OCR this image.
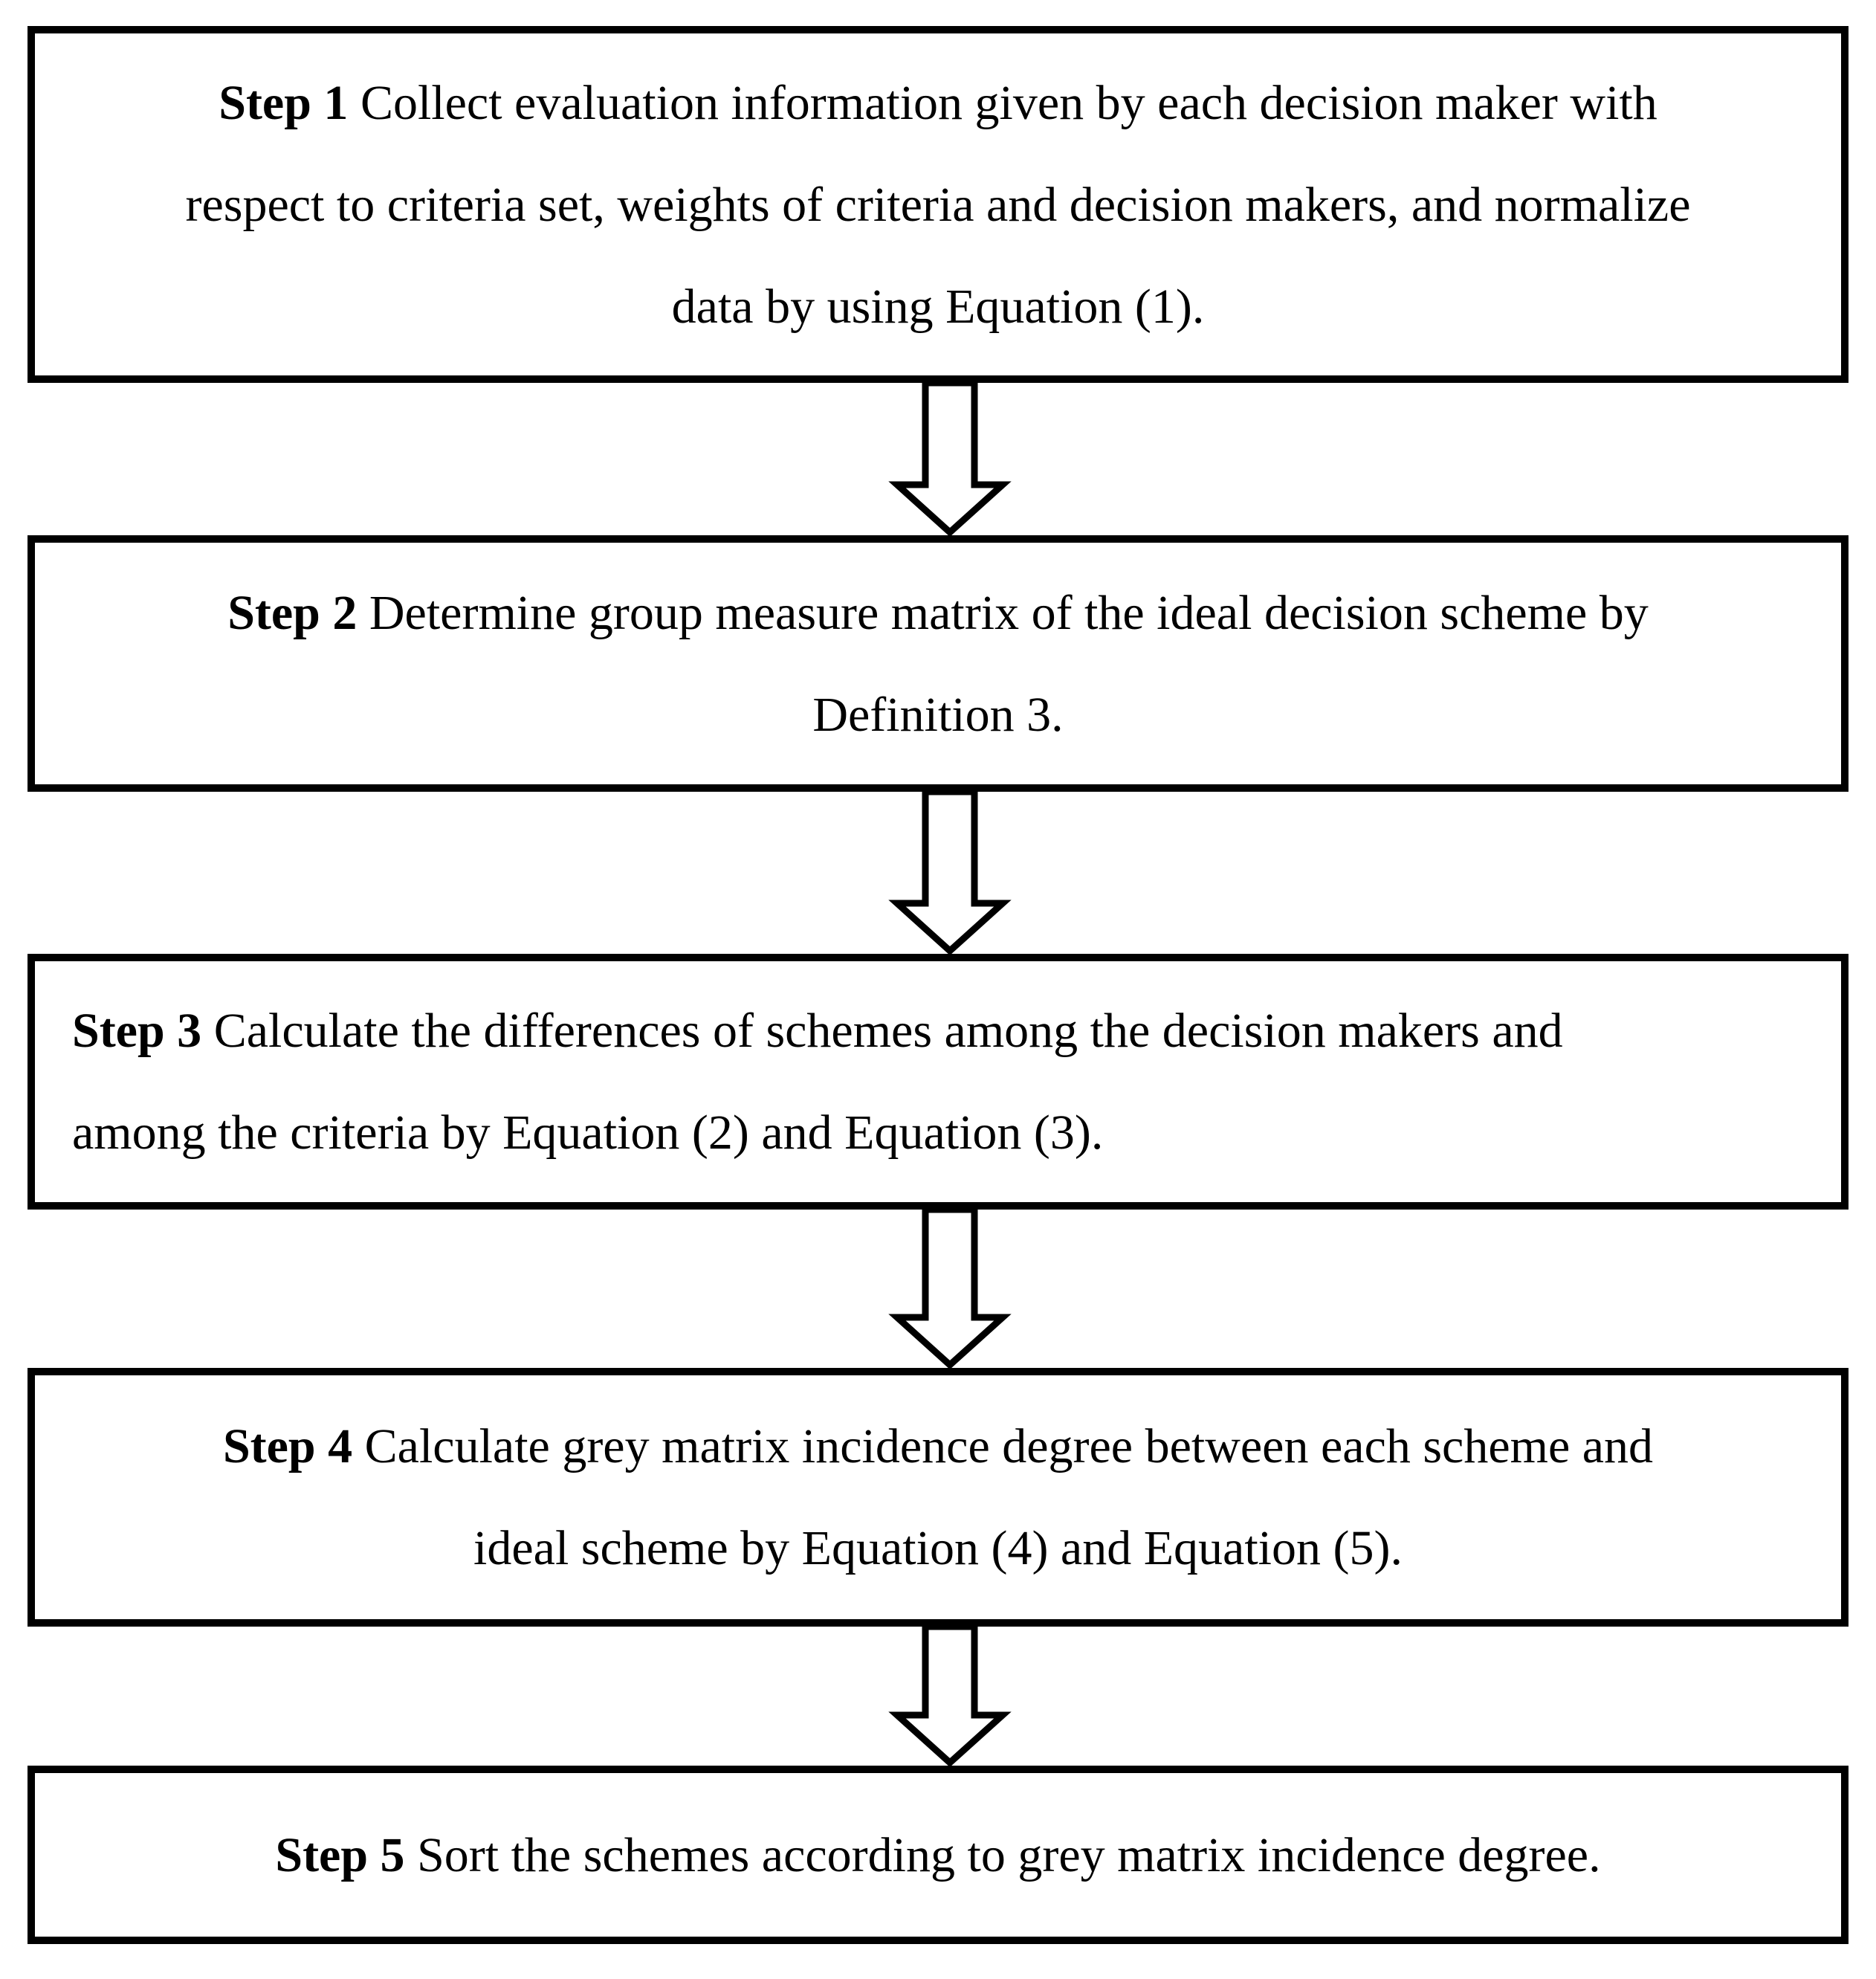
Step 1 Collect evaluation information given by each decision maker with
respect to criteria set, weights of criteria and decision makers, and normalize
data by using Equation (1).
Step 2 Determine group measure matrix of the ideal decision scheme by
Definition 3.
Step 3 Calculate the differences of schemes among the decision makers and
among the criteria by Equation (2) and Equation (3).
Step 4 Calculate grey matrix incidence degree between each scheme and
ideal scheme by Equation (4) and Equation (5).
Step 5 Sort the schemes according to grey matrix incidence degree.
